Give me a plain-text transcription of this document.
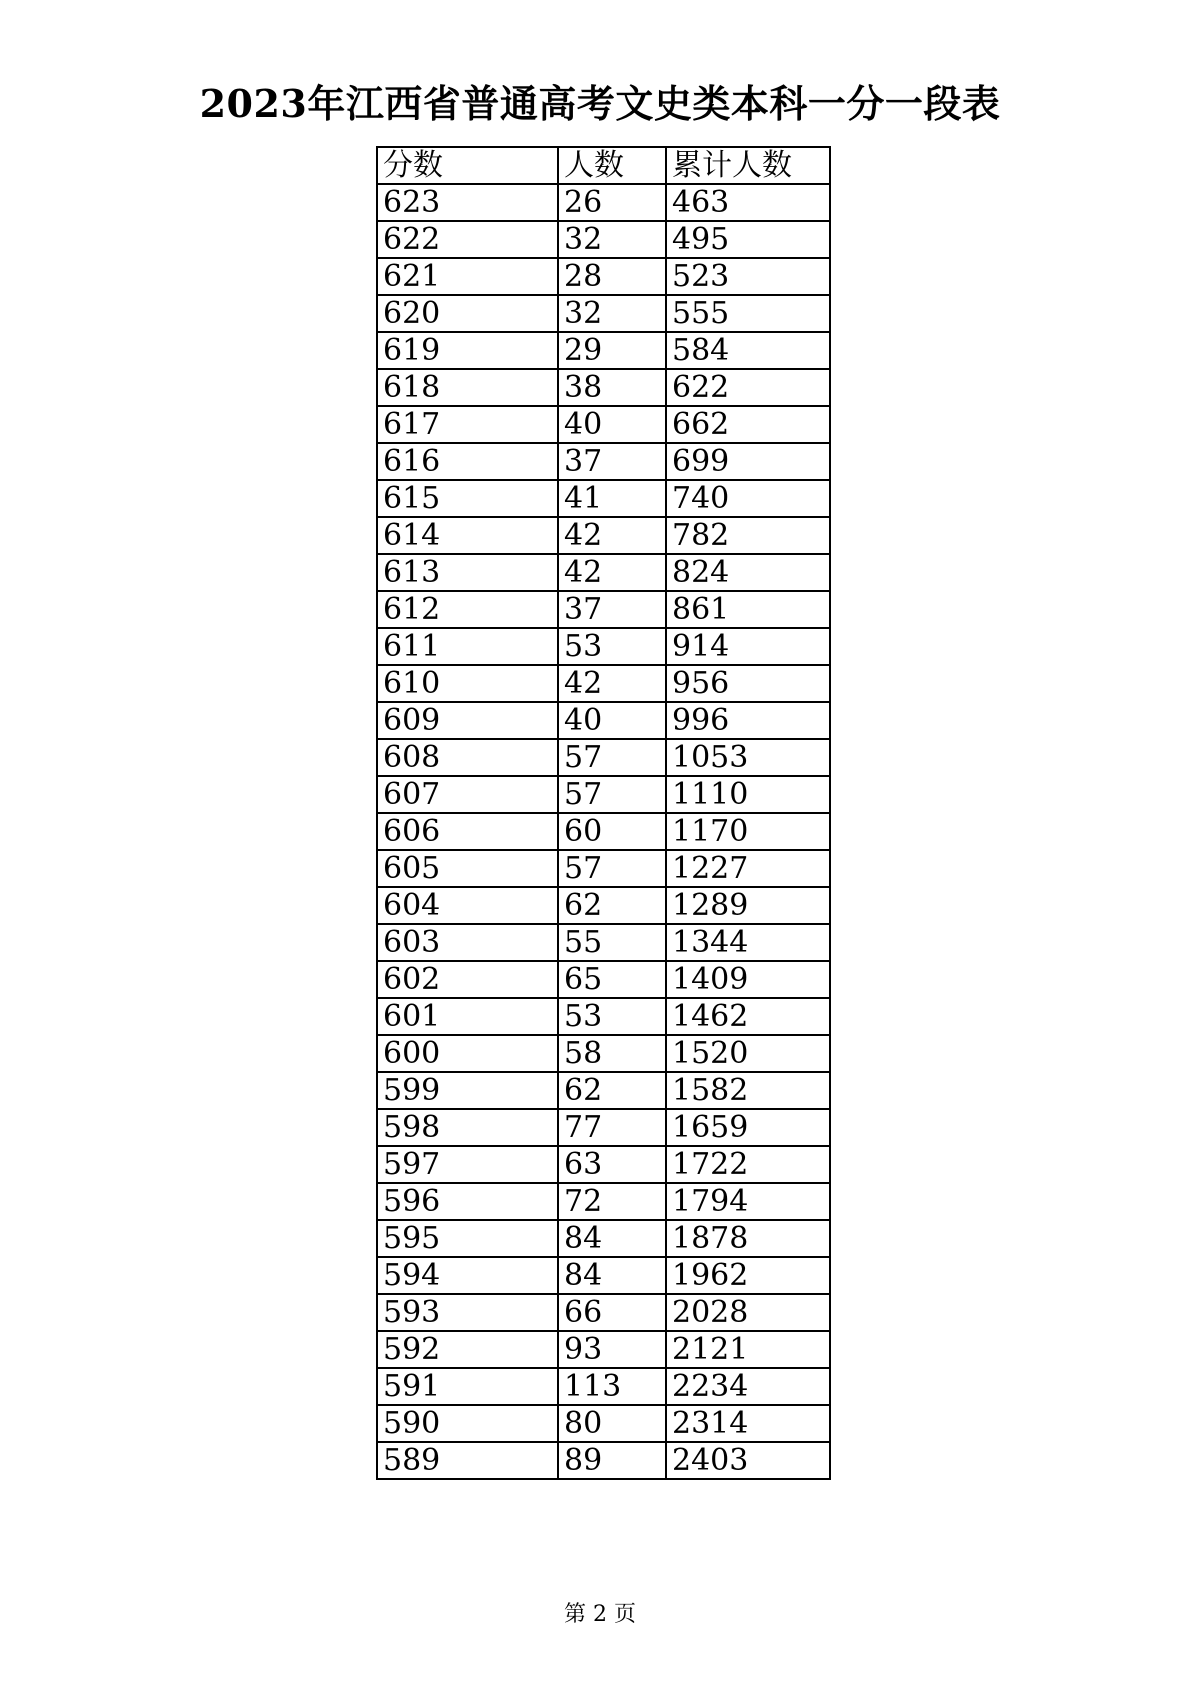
2023年江西省普通高考文史类本科一分一段表
分数	人数	累计人数
623	26	463
622	32	495
621	28	523
620	32	555
619	29	584
618	38	622
617	40	662
616	37	699
615	41	740
614	42	782
613	42	824
612	37	861
611	53	914
610	42	956
609	40	996
608	57	1053
607	57	1110
606	60	1170
605	57	1227
604	62	1289
603	55	1344
602	65	1409
601	53	1462
600	58	1520
599	62	1582
598	77	1659
597	63	1722
596	72	1794
595	84	1878
594	84	1962
593	66	2028
592	93	2121
591	113	2234
590	80	2314
589	89	2403
第 2 页
